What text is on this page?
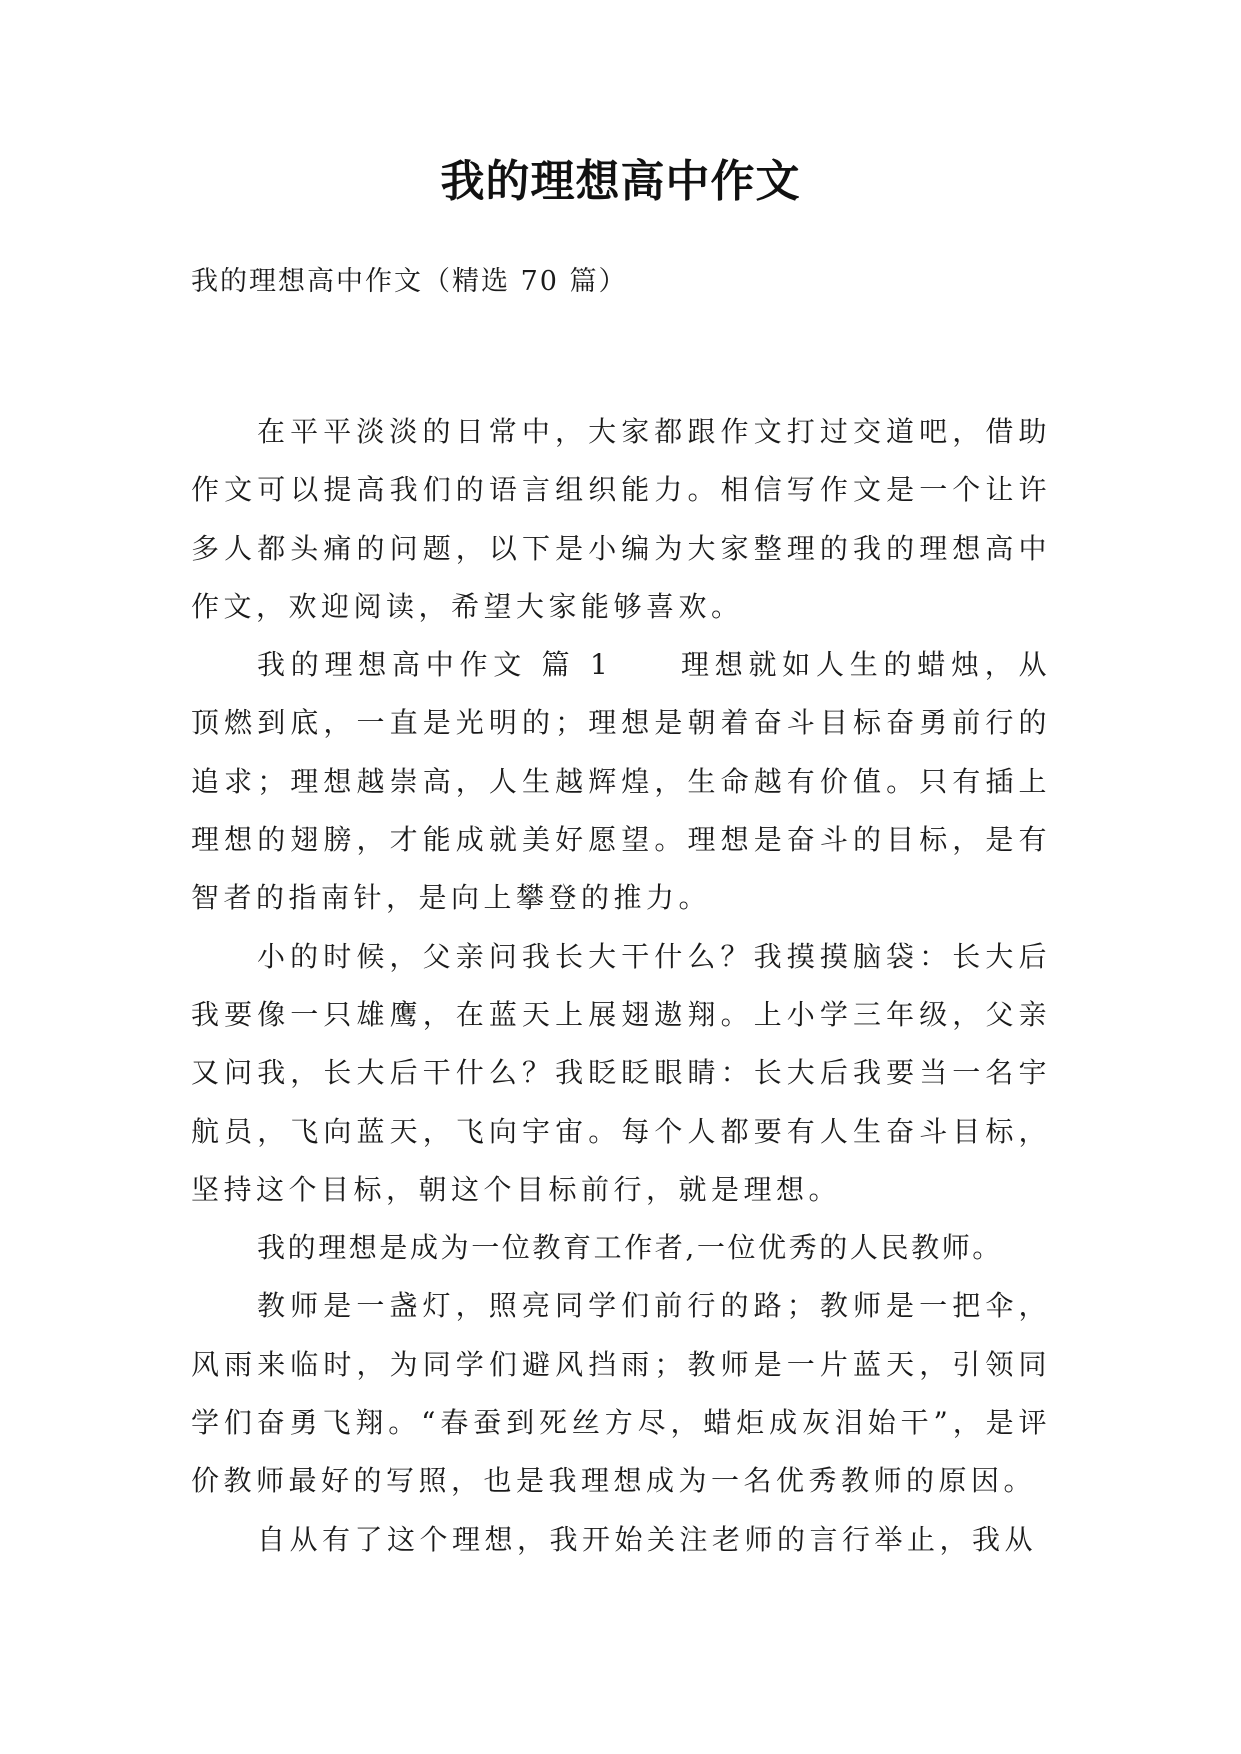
我的理想高中作文
我的理想高中作文（精选 70 篇）

在平平淡淡的日常中，大家都跟作文打过交道吧，借助作文可以提高我们的语言组织能力。相信写作文是一个让许多人都头痛的问题，以下是小编为大家整理的我的理想高中作文，欢迎阅读，希望大家能够喜欢。

我的理想高中作文 篇 1　　理想就如人生的蜡烛，从顶燃到底，一直是光明的；理想是朝着奋斗目标奋勇前行的追求；理想越崇高，人生越辉煌，生命越有价值。只有插上理想的翅膀，才能成就美好愿望。理想是奋斗的目标，是有智者的指南针，是向上攀登的推力。

小的时候，父亲问我长大干什么？我摸摸脑袋：长大后我要像一只雄鹰，在蓝天上展翅遨翔。上小学三年级，父亲又问我，长大后干什么？我眨眨眼睛：长大后我要当一名宇航员，飞向蓝天，飞向宇宙。每个人都要有人生奋斗目标，坚持这个目标，朝这个目标前行，就是理想。

我的理想是成为一位教育工作者,一位优秀的人民教师。

教师是一盏灯，照亮同学们前行的路；教师是一把伞，风雨来临时，为同学们避风挡雨；教师是一片蓝天，引领同学们奋勇飞翔。“春蚕到死丝方尽，蜡炬成灰泪始干”，是评价教师最好的写照，也是我理想成为一名优秀教师的原因。

自从有了这个理想，我开始关注老师的言行举止，我从
